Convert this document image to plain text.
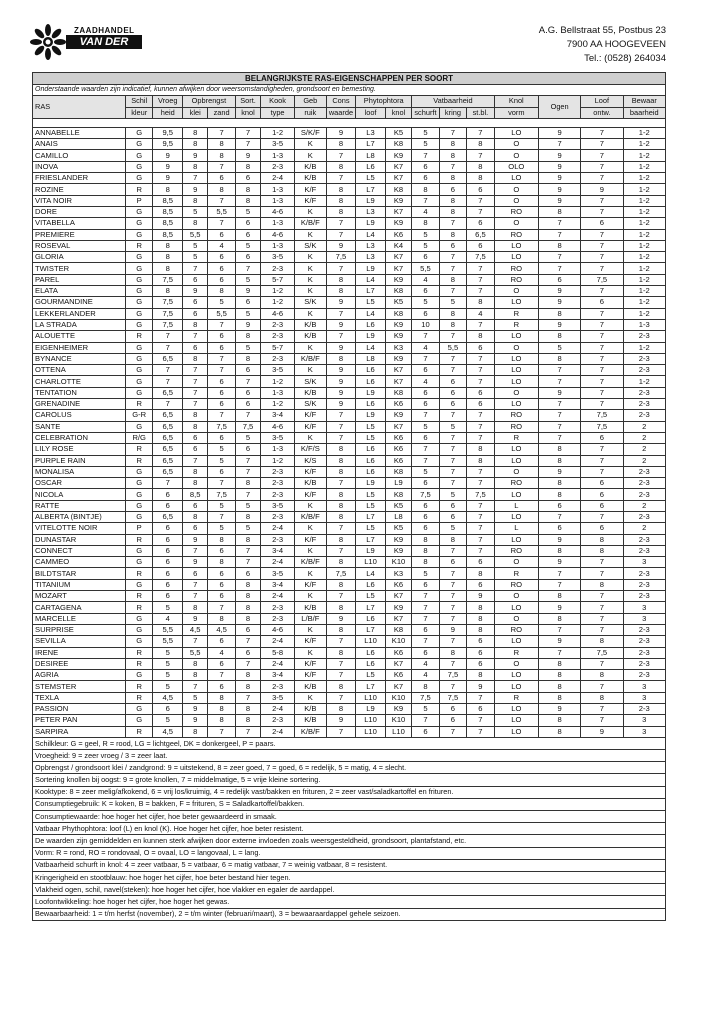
ZAADHANDEL
VAN DER WAL
A.G. Bellstraat 55, Postbus 23
7900 AA HOOGEVEEN
Tel.: (0528) 264034
BELANGRIJKSTE RAS-EIGENSCHAPPEN PER SOORT																	
Onderstaande waarden zijn indicatief, kunnen afwijken door weersomstandigheden, grondsoort en bemesting.																	
RAS	Schil	Vroeg	Opbrengst		Sort.	Kook	Geb	Cons	Phytophtora		Vatbaarheid			Knol	Ogen	Loof	Bewaar
	kleur	heid	klei	zand	knol	type	ruik	waarde	loof	knol	schurft	kring	st.bl.	vorm		ontw.	baarheid

ANNABELLE	G	9,5	8	7	7	1-2	S/K/F	9	L3	K5	5	7	7	LO	9	7	1-2
ANAIS	G	9,5	8	8	7	3-5	K	8	L7	K8	5	8	8	O	7	7	1-2
CAMILLO	G	9	9	8	9	1-3	K	7	L8	K9	7	8	7	O	9	7	1-2
INOVA	G	9	8	7	8	2-3	K/B	8	L6	K7	6	7	8	OLO	9	7	1-2
FRIESLANDER	G	9	7	6	6	2-4	K/B	7	L5	K7	6	8	8	LO	9	7	1-2
ROZINE	R	8	9	8	8	1-3	K/F	8	L7	K8	8	6	6	O	9	9	1-2
VITA NOIR	P	8,5	8	7	8	1-3	K/F	8	L9	K9	7	8	7	O	9	7	1-2
DORE	G	8,5	5	5,5	5	4-6	K	8	L3	K7	4	8	7	RO	8	7	1-2
VITABELLA	G	8,5	8	7	6	1-3	K/B/F	7	L9	K9	8	7	6	O	7	6	1-2
PREMIERE	G	8,5	5,5	6	6	4-6	K	7	L4	K6	5	8	6,5	RO	7	7	1-2
ROSEVAL	R	8	5	4	5	1-3	S/K	9	L3	K4	5	6	6	LO	8	7	1-2
GLORIA	G	8	5	6	6	3-5	K	7,5	L3	K7	6	7	7,5	LO	7	7	1-2
TWISTER	G	8	7	6	7	2-3	K	7	L9	K7	5,5	7	7	RO	7	7	1-2
PAREL	G	7,5	6	6	5	5-7	K	8	L4	K9	4	8	7	RO	6	7,5	1-2
ELATA	G	8	9	8	9	1-2	K	8	L7	K8	6	7	7	O	9	7	1-2
GOURMANDINE	G	7,5	6	5	6	1-2	S/K	9	L5	K5	5	5	8	LO	9	6	1-2
LEKKERLANDER	G	7,5	6	5,5	5	4-6	K	7	L4	K8	6	8	4	R	8	7	1-2
LA STRADA	G	7,5	8	7	9	2-3	K/B	9	L6	K9	10	8	7	R	9	7	1-3
ALOUETTE	R	7	7	6	8	2-3	K/B	7	L9	K9	7	7	8	LO	8	7	2-3
EIGENHEIMER	G	7	6	6	5	5-7	K	9	L4	K3	4	5,5	6	O	5	7	1-2
BYNANCE	G	6,5	8	7	8	2-3	K/B/F	8	L8	K9	7	7	7	LO	8	7	2-3
OTTENA	G	7	7	7	6	3-5	K	9	L6	K7	6	7	7	LO	7	7	2-3
CHARLOTTE	G	7	7	6	7	1-2	S/K	9	L6	K7	4	6	7	LO	7	7	1-2
TENTATION	G	6,5	7	6	6	1-3	K/B	9	L9	K8	6	6	6	O	9	7	2-3
GRENADINE	R	7	7	6	6	1-2	S/K	9	L6	K6	6	6	6	LO	7	7	2-3
CAROLUS	G-R	6,5	8	7	7	3-4	K/F	7	L9	K9	7	7	7	RO	7	7,5	2-3
SANTE	G	6,5	8	7,5	7,5	4-6	K/F	7	L5	K7	5	5	7	RO	7	7,5	2
CELEBRATION	R/G	6,5	6	6	5	3-5	K	7	L5	K6	6	7	7	R	7	6	2
LILY ROSE	R	6,5	6	5	6	1-3	K/F/S	8	L6	K6	7	7	8	LO	8	7	2
PURPLE RAIN	R	6,5	7	5	7	1-2	K/S	8	L6	K6	7	7	8	LO	8	7	2
MONALISA	G	6,5	8	6	7	2-3	K/F	8	L6	K8	5	7	7	O	9	7	2-3
OSCAR	G	7	8	7	8	2-3	K/B	7	L9	L9	6	7	7	RO	8	6	2-3
NICOLA	G	6	8,5	7,5	7	2-3	K/F	8	L5	K8	7,5	5	7,5	LO	8	6	2-3
RATTE	G	6	6	5	5	3-5	K	8	L5	K5	6	6	7	L	6	6	2
ALBERTA (BINTJE)	G	6,5	8	7	8	2-3	K/B/F	8	L7	L8	6	6	7	LO	7	7	2-3
VITELOTTE NOIR	P	6	6	5	5	2-4	K	7	L5	K5	6	5	7	L	6	6	2
DUNASTAR	R	6	9	8	8	2-3	K/F	8	L7	K9	8	8	7	LO	9	8	2-3
CONNECT	G	6	7	6	7	3-4	K	7	L9	K9	8	7	7	RO	8	8	2-3
CAMMEO	G	6	9	8	7	2-4	K/B/F	8	L10	K10	8	6	6	O	9	7	3
BILDTSTAR	R	6	6	6	6	3-5	K	7,5	L4	K3	5	7	8	R	7	7	2-3
TITANIUM	G	6	7	6	8	3-4	K/F	8	L6	K6	6	7	6	RO	7	8	2-3
MOZART	R	6	7	6	8	2-4	K	7	L5	K7	7	7	9	O	8	7	2-3
CARTAGENA	R	5	8	7	8	2-3	K/B	8	L7	K9	7	7	8	LO	9	7	3
MARCELLE	G	4	9	8	8	2-3	L/B/F	9	L6	K7	7	7	8	O	8	7	3
SURPRISE	G	5,5	4,5	4,5	6	4-6	K	8	L7	K8	6	9	8	RO	7	7	2-3
SEVILLA	G	5,5	7	6	7	2-4	K/F	7	L10	K10	7	7	6	LO	9	8	2-3
IRENE	R	5	5,5	4	6	5-8	K	8	L6	K6	6	8	6	R	7	7,5	2-3
DESIREE	R	5	8	6	7	2-4	K/F	7	L6	K7	4	7	6	O	8	7	2-3
AGRIA	G	5	8	7	8	3-4	K/F	7	L5	K6	4	7,5	8	LO	8	8	2-3
STEMSTER	R	5	7	6	8	2-3	K/B	8	L7	K7	8	7	9	LO	8	7	3
TEXLA	R	4,5	5	8	7	3-5	K	7	L10	K10	7,5	7,5	7	R	8	8	3
PASSION	G	6	9	8	8	2-4	K/B	8	L9	K9	5	6	6	LO	9	7	2-3
PETER PAN	G	5	9	8	8	2-3	K/B	9	L10	K10	7	6	7	LO	8	7	3
SARPIRA	R	4,5	8	7	7	2-4	K/B/F	7	L10	L10	6	7	7	LO	8	9	3
Schilkleur: G = geel, R = rood, LG = lichtgeel, DK = donkergeel, P = paars.																	
Vroegheid: 9 = zeer vroeg / 3 = zeer laat.																	
Opbrengst / grondsoort klei / zandgrond: 9 = uitstekend, 8 = zeer goed, 7 = goed, 6 = redelijk, 5 = matig, 4 = slecht.																	
Sortering knollen bij oogst: 9 = grote knollen, 7 = middelmatige, 5 = vrije kleine sortering.																	
Kooktype: 8 = zeer melig/afkokend, 6 = vrij los/kruimig, 4 = redelijk vast/bakken en frituren, 2 = zeer vast/saladkartoffel en frituren.																	
Consumptiegebruik: K = koken, B = bakken, F = frituren, S = Saladkartoffel/bakken.																	
Consumptiewaarde: hoe hoger het cijfer, hoe beter gewaardeerd in smaak.																	
Vatbaar Phythophtora: loof (L) en knol (K). Hoe hoger het cijfer, hoe beter resistent.																	
De waarden zijn gemiddelden en kunnen sterk afwijken door externe invloeden zoals weersgesteldheid, grondsoort, plantafstand, etc.																	
Vorm: R = rond, RO = rondovaal, O = ovaal, LO = langovaal, L = lang.																	
Vatbaarheid schurft in knol: 4 = zeer vatbaar, 5 = vatbaar, 6 = matig vatbaar, 7 = weinig vatbaar, 8 = resistent.																	
Kringerigheid en stootblauw: hoe hoger het cijfer, hoe beter bestand hier tegen.																	
Vlakheid ogen, schil, navel(steken): hoe hoger het cijfer, hoe vlakker en egaler de aardappel.																	
Loofontwikkeling: hoe hoger het cijfer, hoe hoger het gewas.																	
Bewaarbaarheid: 1 = t/m herfst (november), 2 = t/m winter (februari/maart), 3 = bewaaraardappel gehele seizoen.																	
